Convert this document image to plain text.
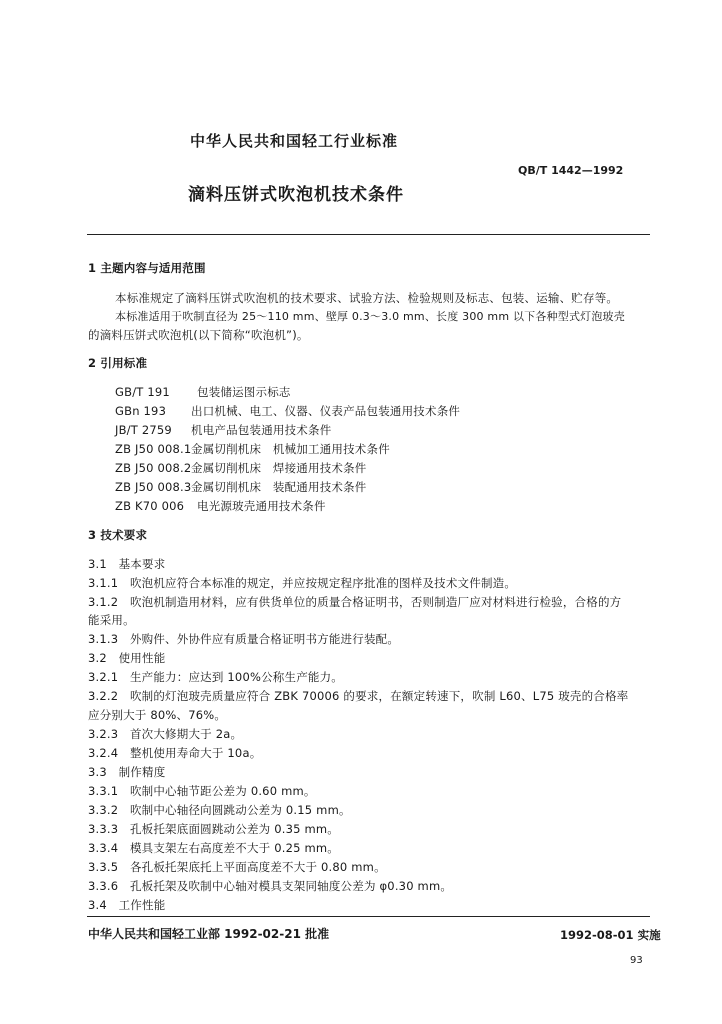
中华人民共和国轻工行业标准
QB/T 1442—1992
滴料压饼式吹泡机技术条件
1 主题内容与适用范围
本标准规定了滴料压饼式吹泡机的技术要求、试验方法、检验规则及标志、包装、运输、贮存等。
本标准适用于吹制直径为 25～110 mm、壁厚 0.3～3.0 mm、长度 300 mm 以下各种型式灯泡玻壳
的滴料压饼式吹泡机(以下简称“吹泡机”)。
2 引用标准
GB/T 191 包装储运图示标志
GBn 193 出口机械、电工、仪器、仪表产品包装通用技术条件
JB/T 2759 机电产品包装通用技术条件
ZB J50 008.1金属切削机床　机械加工通用技术条件
ZB J50 008.2金属切削机床　焊接通用技术条件
ZB J50 008.3金属切削机床　装配通用技术条件
ZB K70 006 电光源玻壳通用技术条件
3 技术要求
3.1　基本要求
3.1.1　吹泡机应符合本标准的规定，并应按规定程序批准的图样及技术文件制造。
3.1.2　吹泡机制造用材料，应有供货单位的质量合格证明书，否则制造厂应对材料进行检验，合格的方
能采用。
3.1.3　外购件、外协件应有质量合格证明书方能进行装配。
3.2　使用性能
3.2.1　生产能力：应达到 100%公称生产能力。
3.2.2　吹制的灯泡玻壳质量应符合 ZBK 70006 的要求，在额定转速下，吹制 L60、L75 玻壳的合格率
应分别大于 80%、76%。
3.2.3　首次大修期大于 2a。
3.2.4　整机使用寿命大于 10a。
3.3　制作精度
3.3.1　吹制中心轴节距公差为 0.60 mm。
3.3.2　吹制中心轴径向圆跳动公差为 0.15 mm。
3.3.3　孔板托架底面圆跳动公差为 0.35 mm。
3.3.4　模具支架左右高度差不大于 0.25 mm。
3.3.5　各孔板托架底托上平面高度差不大于 0.80 mm。
3.3.6　孔板托架及吹制中心轴对模具支架同轴度公差为 φ0.30 mm。
3.4　工作性能
中华人民共和国轻工业部 1992-02-21 批准	1992-08-01 实施
93
